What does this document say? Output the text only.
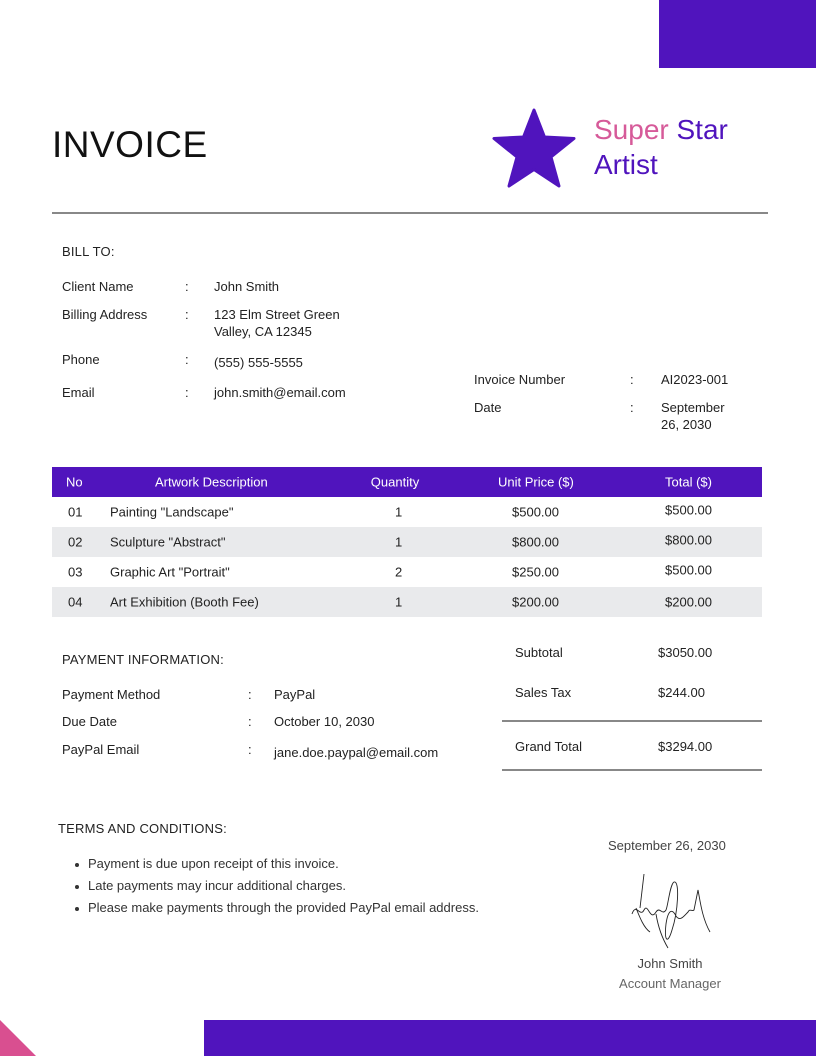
INVOICE	Super Star
Artist
BILL TO:
Client Name	: John Smith
Billing Address	: 123 Elm Street Green
Valley, CA 12345
Phone	: (555) 555-5555
Email	: john.smith@email.com
Invoice Number	: AI2023-001
Date	: September
26, 2030
No	Artwork Description	Quantity	Unit Price ($)	Total ($)
01 Painting "Landscape"	1	$500.00	$500.00
02 Sculpture "Abstract"	1	$800.00	$800.00
03 Graphic Art "Portrait"	2	$250.00	$500.00
04 Art Exhibition (Booth Fee)	1	$200.00	$200.00
PAYMENT INFORMATION:
Payment Method	: PayPal
Due Date	: October 10, 2030
PayPal Email	: jane.doe.paypal@email.com
Subtotal	$3050.00
Sales Tax	$244.00
Grand Total	$3294.00
TERMS AND CONDITIONS:
Payment is due upon receipt of this invoice.
Late payments may incur additional charges.
Please make payments through the provided PayPal email address.
September 26, 2030
John Smith
Account Manager
